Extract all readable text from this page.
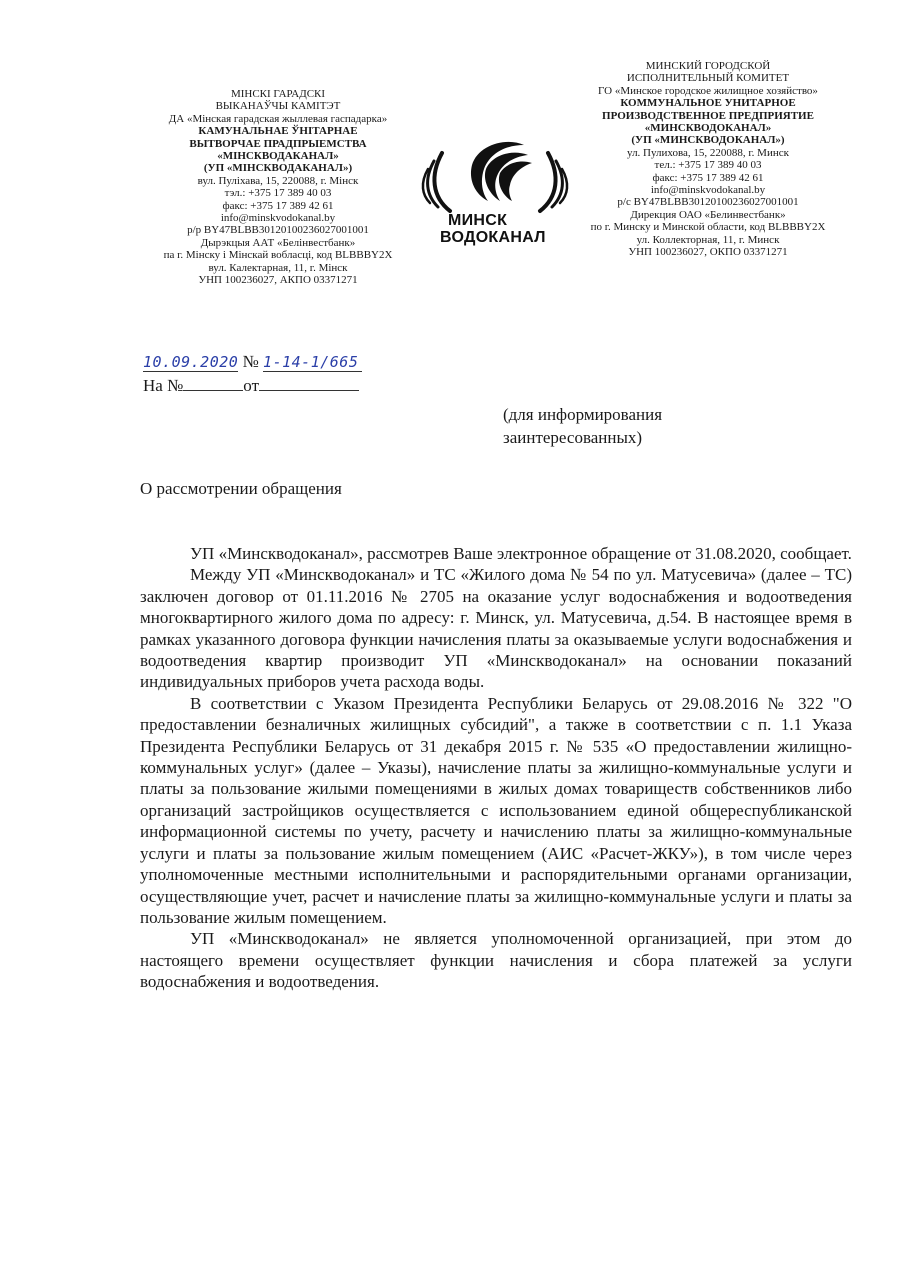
МІНСКІ ГАРАДСКІ
ВЫКАНАЎЧЫ КАМІТЭТ
ДА «Мінская гарадская жыллевая гаспадарка»
КАМУНАЛЬНАЕ ЎНІТАРНАЕ
ВЫТВОРЧАЕ ПРАДПРЫЕМСТВА
«МІНСКВОДАКАНАЛ»
(УП «МІНСКВОДАКАНАЛ»)
вул. Пуліхава, 15, 220088, г. Мінск
тэл.: +375 17 389 40 03
факс: +375 17 389 42 61
info@minskvodokanal.by
р/р BY47BLBB30120100236027001001
Дырэкцыя ААТ «Белінвестбанк»
па г. Мінску і Мінскай вобласці, код BLBBBY2X
вул. Калектарная, 11, г. Мінск
УНП 100236027, АКПО 03371271
МИНСКИЙ ГОРОДСКОЙ
ИСПОЛНИТЕЛЬНЫЙ КОМИТЕТ
ГО «Минское городское жилищное хозяйство»
КОММУНАЛЬНОЕ УНИТАРНОЕ
ПРОИЗВОДСТВЕННОЕ ПРЕДПРИЯТИЕ
«МИНСКВОДОКАНАЛ»
(УП «МИНСКВОДОКАНАЛ»)
ул. Пулихова, 15, 220088, г. Минск
тел.: +375 17 389 40 03
факс: +375 17 389 42 61
info@minskvodokanal.by
р/с BY47BLBB30120100236027001001
Дирекция ОАО «Белинвестбанк»
по г. Минску и Минской области, код BLBBBY2X
ул. Коллекторная, 11, г. Минск
УНП 100236027, ОКПО 03371271
МИНСК
ВОДОКАНАЛ
10.09.2020 № 1-14-1/665
На №	от
(для информирования
заинтересованных)
О рассмотрении обращения

УП «Минскводоканал», рассмотрев Ваше электронное обращение от 31.08.2020, сообщает.

Между УП «Минскводоканал» и ТС «Жилого дома № 54 по ул. Матусевича» (далее – ТС) заключен договор от 01.11.2016 № 2705 на оказание услуг водоснабжения и водоотведения многоквартирного жилого дома по адресу: г. Минск, ул. Матусевича, д.54. В настоящее время в рамках указанного договора функции начисления платы за оказываемые услуги водоснабжения и водоотведения квартир производит УП «Минскводоканал» на основании показаний индивидуальных приборов учета расхода воды.

В соответствии с Указом Президента Республики Беларусь от 29.08.2016 № 322 "О предоставлении безналичных жилищных субсидий", а также в соответствии с п. 1.1 Указа Президента Республики Беларусь от 31 декабря 2015 г. № 535 «О предоставлении жилищно-коммунальных услуг» (далее – Указы), начисление платы за жилищно-коммунальные услуги и платы за пользование жилыми помещениями в жилых домах товариществ собственников либо организаций застройщиков осуществляется с использованием единой общереспубликанской информационной системы по учету, расчету и начислению платы за жилищно-коммунальные услуги и платы за пользование жилым помещением (АИС «Расчет-ЖКУ»), в том числе через уполномоченные местными исполнительными и распорядительными органами организации, осуществляющие учет, расчет и начисление платы за жилищно-коммунальные услуги и платы за пользование жилым помещением.

УП «Минскводоканал» не является уполномоченной организацией, при этом до настоящего времени осуществляет функции начисления и сбора платежей за услуги водоснабжения и водоотведения.
